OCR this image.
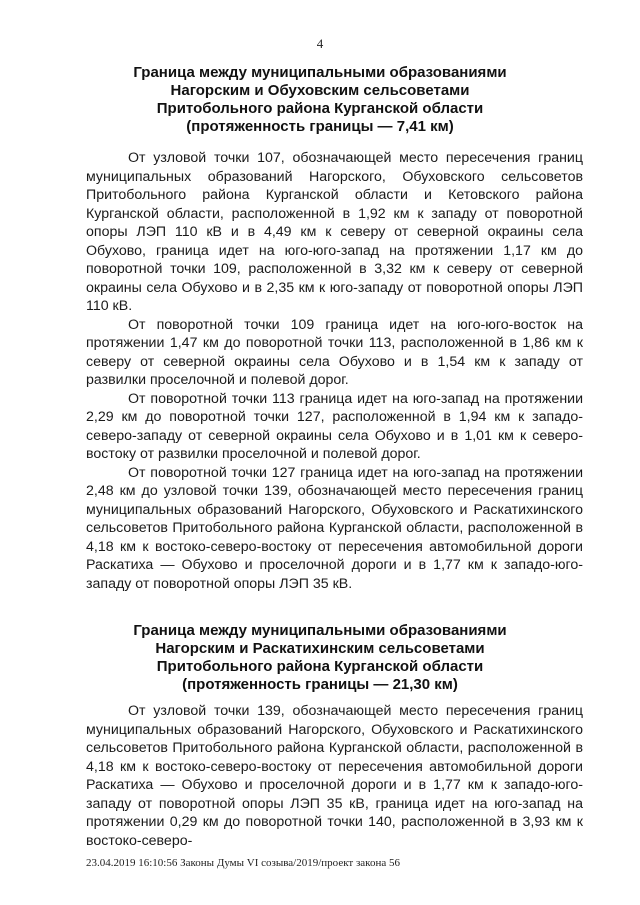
4
Граница между муниципальными образованиями
Нагорским и Обуховским сельсоветами
Притобольного района Курганской области
(протяженность границы — 7,41 км)

От узловой точки 107, обозначающей место пересечения границ муниципальных образований Нагорского, Обуховского сельсоветов Притобольного района Курганской области и Кетовского района Курганской области, расположенной в 1,92 км к западу от поворотной опоры ЛЭП 110 кВ и в 4,49 км к северу от северной окраины села Обухово, граница идет на юго-юго-запад на протяжении 1,17 км до поворотной точки 109, расположенной в 3,32 км к северу от северной окраины села Обухово и в 2,35 км к юго-западу от поворотной опоры ЛЭП 110 кВ.

От поворотной точки 109 граница идет на юго-юго-восток на протяжении 1,47 км до поворотной точки 113, расположенной в 1,86 км к северу от северной окраины села Обухово и в 1,54 км к западу от развилки проселочной и полевой дорог.

От поворотной точки 113 граница идет на юго-запад на протяжении 2,29 км до поворотной точки 127, расположенной в 1,94 км к западо-северо-западу от северной окраины села Обухово и в 1,01 км к северо-востоку от развилки проселочной и полевой дорог.

От поворотной точки 127 граница идет на юго-запад на протяжении 2,48 км до узловой точки 139, обозначающей место пересечения границ муниципальных образований Нагорского, Обуховского и Раскатихинского сельсоветов Притобольного района Курганской области, расположенной в 4,18 км к востоко-северо-востоку от пересечения автомобильной дороги Раскатиха — Обухово и проселочной дороги и в 1,77 км к западо-юго-западу от поворотной опоры ЛЭП 35 кВ.

Граница между муниципальными образованиями
Нагорским и Раскатихинским сельсоветами
Притобольного района Курганской области
(протяженность границы — 21,30 км)

От узловой точки 139, обозначающей место пересечения границ муниципальных образований Нагорского, Обуховского и Раскатихинского сельсоветов Притобольного района Курганской области, расположенной в 4,18 км к востоко-северо-востоку от пересечения автомобильной дороги Раскатиха — Обухово и проселочной дороги и в 1,77 км к западо-юго-западу от поворотной опоры ЛЭП 35 кВ, граница идет на юго-запад на протяжении 0,29 км до поворотной точки 140, расположенной в 3,93 км к востоко-северо-

23.04.2019 16:10:56 Законы Думы VI созыва/2019/проект закона 56
